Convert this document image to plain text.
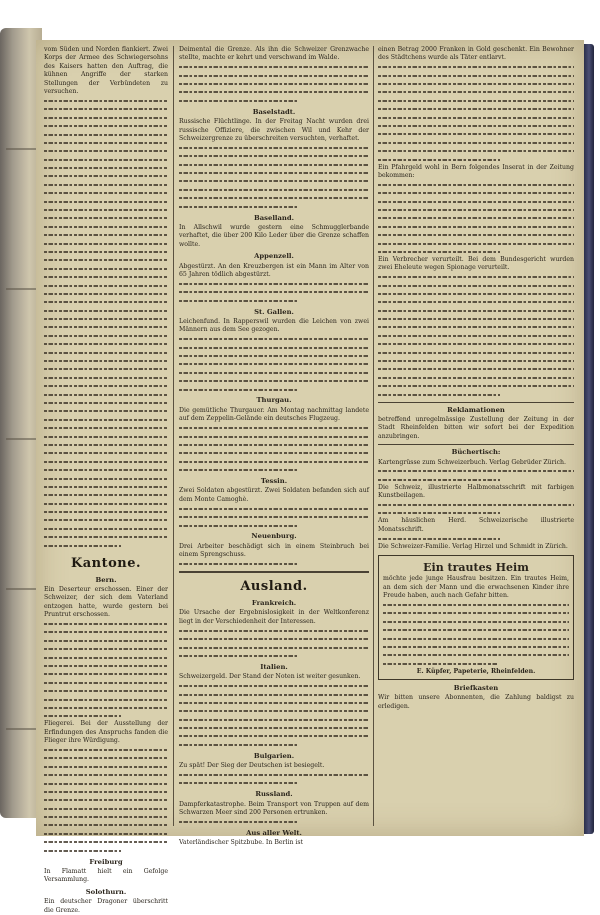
vom Süden und Norden flankiert. Zwei Korps der Armee des Schwiegersohns des Kaisers hatten den Auftrag, die kühnen Angriffe der starken Stellungen der Verbündeten zu versuchen.

Kantone.
Bern.

Ein Deserteur erschossen. Einer der Schweizer, der sich dem Vaterland entzogen hatte, wurde gestern bei Pruntrut erschossen.

Fliegerei. Bei der Ausstellung der Erfindungen des Anspruchs fanden die Flieger ihre Würdigung.

Freiburg

In Flamatt hielt ein Gefolge Versammlung.

Solothurn.

Ein deutscher Dragoner überschritt die Grenze.

Deimental die Grenze. Als ihn die Schweizer Grenzwache stellte, machte er kehrt und verschwand im Walde.

Baselstadt.

Russische Flüchtlinge. In der Freitag Nacht wurden drei russische Offiziere, die zwischen Wil und Kehr der Schweizergrenze zu überschreiten versuchten, verhaftet.

Baselland.

In Allschwil wurde gestern eine Schmugglerbande verhaftet, die über 200 Kilo Leder über die Grenze schaffen wollte.

Appenzell.

Abgestürzt. An den Kreuzbergen ist ein Mann im Alter von 65 Jahren tödlich abgestürzt.

St. Gallen.

Leichenfund. In Rapperswil wurden die Leichen von zwei Männern aus dem See gezogen.

Thurgau.

Die gemütliche Thurgauer. Am Montag nachmittag landete auf dem Zeppelin-Gelände ein deutsches Flugzeug.

Tessin.

Zwei Soldaten abgestürzt. Zwei Soldaten befanden sich auf dem Monte Camoghè.

Neuenburg.

Drei Arbeiter beschädigt sich in einem Steinbruch bei einem Sprengschuss.

Ausland.
Frankreich.

Die Ursache der Ergebnislosigkeit in der Weltkonferenz liegt in der Verschiedenheit der Interessen.

Italien.

Schweizergeld. Der Stand der Noten ist weiter gesunken.

Bulgarien.

Zu spät! Der Sieg der Deutschen ist besiegelt.

Russland.

Dampferkatastrophe. Beim Transport von Truppen auf dem Schwarzen Meer sind 200 Personen ertrunken.

Aus aller Welt.

Vaterländischer Spitzbube. In Berlin ist

einen Betrag 2000 Franken in Gold geschenkt. Ein Bewohner des Städtchens wurde als Täter entlarvt.

Ein Pfahrgeld wohl in Bern folgendes Inserat in der Zeitung bekommen:

Ein Verbrecher verurteilt. Bei dem Bundesgericht wurden zwei Eheleute wegen Spionage verurteilt.

Reklamationen

betreffend unregelmässige Zustellung der Zeitung in der Stadt Rheinfelden bitten wir sofort bei der Expedition anzubringen.

Büchertisch:

Kartengrüsse zum Schweizerbuch. Verlag Gebrüder Zürich.

Die Schweiz, illustrierte Halbmonatsschrift mit farbigen Kunstbeilagen.

Am häuslichen Herd. Schweizerische illustrierte Monatsschrift.

Die Schweizer-Familie. Verlag Hirzel und Schmidt in Zürich.

Ein trautes Heim

möchte jede junge Hausfrau besitzen. Ein trautes Heim, an dem sich der Mann und die erwachsenen Kinder ihre Freude haben, auch nach Gefahr bitten.

E. Küpfer, Papeterie, Rheinfelden.

Briefkasten

Wir bitten unsere Abonnenten, die Zahlung baldigst zu erledigen.
